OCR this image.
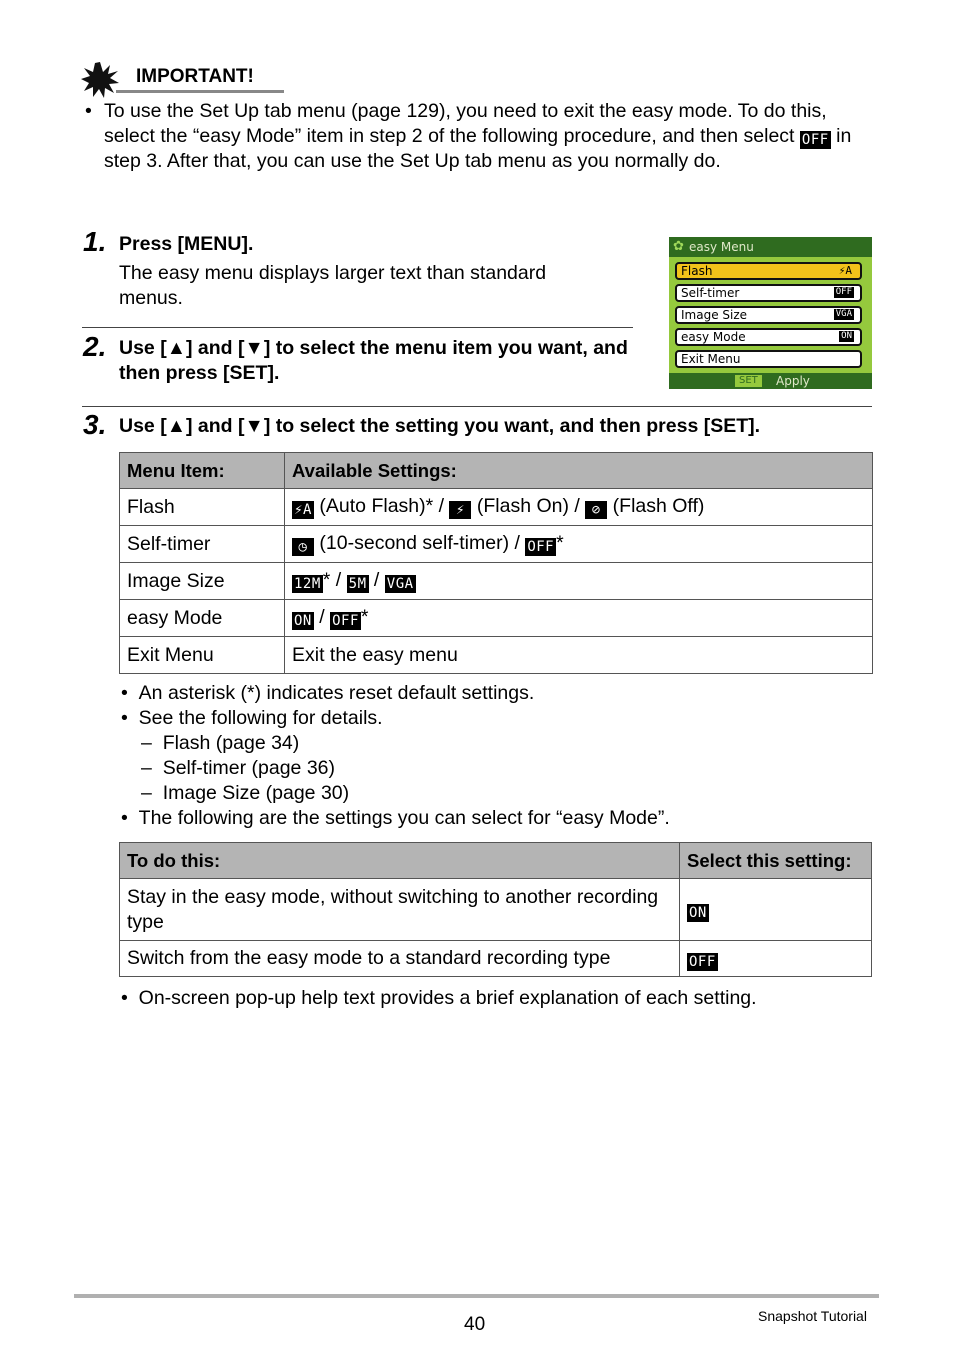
IMPORTANT!
• To use the Set Up tab menu (page 129), you need to exit the easy mode. To do this, select the “easy Mode” item in step 2 of the following procedure, and then select OFF in step 3. After that, you can use the Set Up tab menu as you normally do.
1. Press [MENU].
The easy menu displays larger text than standard menus.
2. Use [▲] and [▼] to select the menu item you want, and then press [SET].
✿ easy Menu
Flash	⚡A
Self-timer	OFF
Image Size	VGA
easy Mode	ON
Exit Menu
SET	Apply
3. Use [▲] and [▼] to select the setting you want, and then press [SET].
Menu Item:	Available Settings:
Flash	⚡A (Auto Flash)* / ⚡ (Flash On) / ⊘ (Flash Off)
Self-timer	◷ (10-second self-timer) / OFF *
Image Size	12M * / 5M / VGA
easy Mode	ON / OFF *
Exit Menu	Exit the easy menu
•  An asterisk (*) indicates reset default settings.
•  See the following for details.
–  Flash (page 34)
–  Self-timer (page 36)
–  Image Size (page 30)
•  The following are the settings you can select for “easy Mode”.
To do this:	Select this setting:
Stay in the easy mode, without switching to another recording type	ON
Switch from the easy mode to a standard recording type	OFF
•  On-screen pop-up help text provides a brief explanation of each setting.
40	Snapshot Tutorial
